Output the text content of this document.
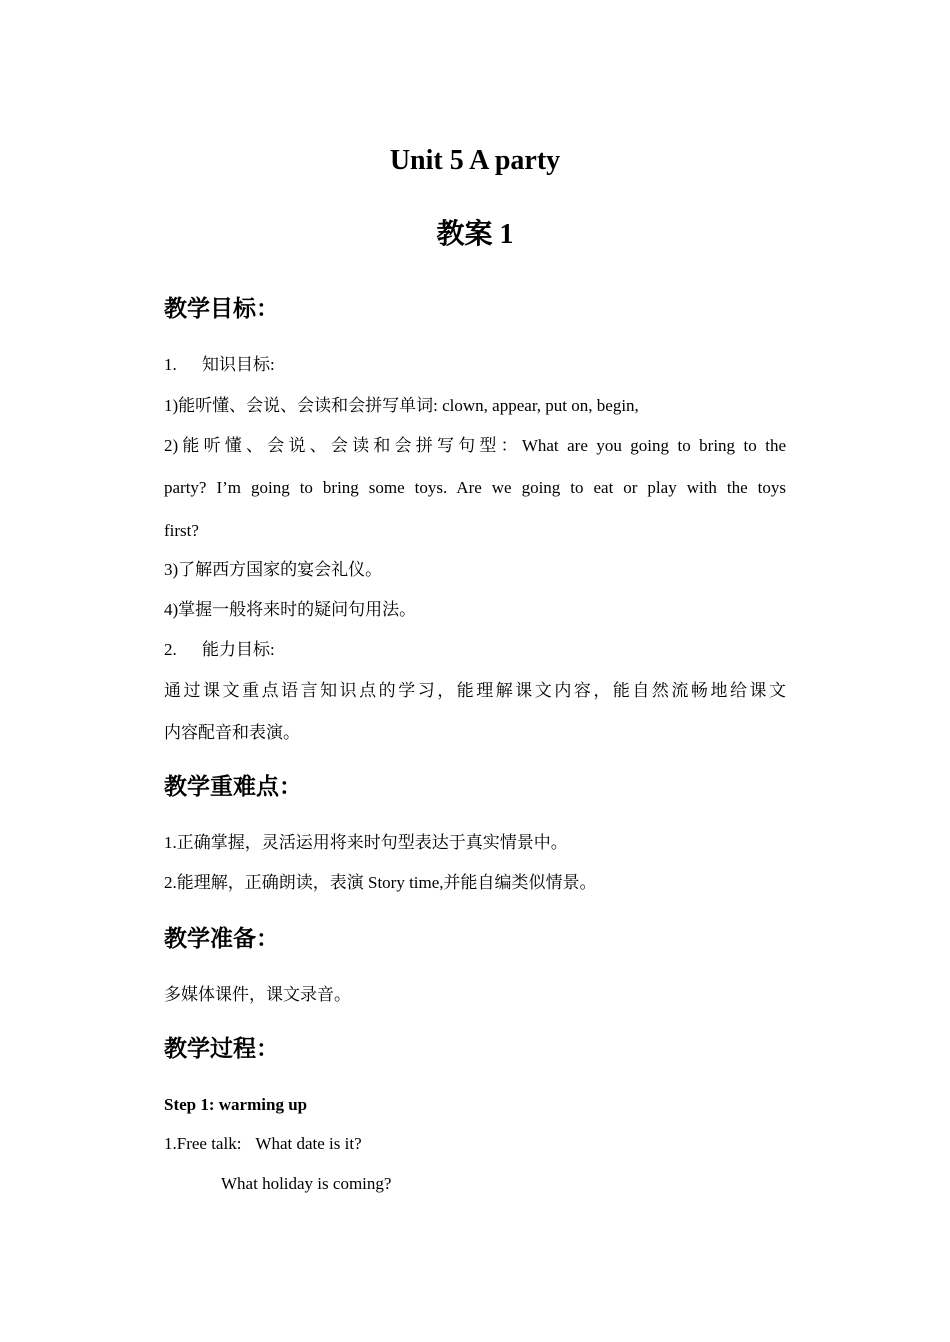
Unit 5 A party
教案 1
教学目标：
1. 知识目标:
1)能听懂、会说、会读和会拼写单词: clown, appear, put on, begin,
2)能听懂、会说、会读和会拼写句型：What are you going to bring to the
party? I’m going to bring some toys. Are we going to eat or play with the toys
first?
3)了解西方国家的宴会礼仪。
4)掌握一般将来时的疑问句用法。
2. 能力目标:
通过课文重点语言知识点的学习，能理解课文内容，能自然流畅地给课文
内容配音和表演。
教学重难点：
1.正确掌握，灵活运用将来时句型表达于真实情景中。
2.能理解，正确朗读，表演 Story time,并能自编类似情景。
教学准备：
多媒体课件，课文录音。
教学过程：
Step 1: warming up
1.Free talk: What date is it?
What holiday is coming?
